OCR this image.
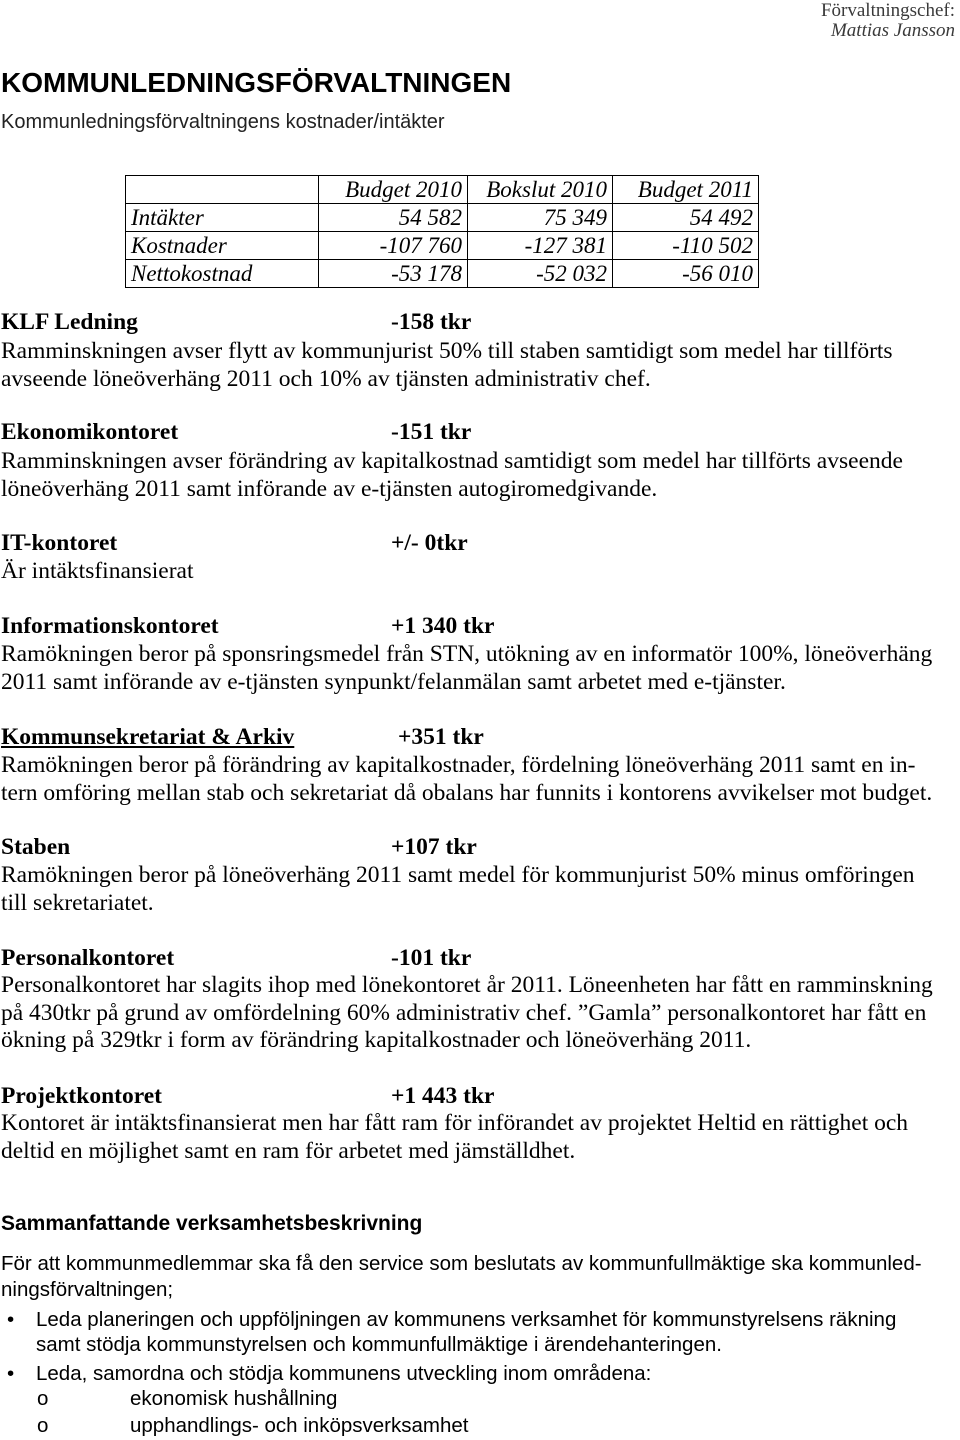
Förvaltningschef:
Mattias Jansson
KOMMUNLEDNINGSFÖRVALTNINGEN
Kommunledningsförvaltningens kostnader/intäkter
	Budget 2010	Bokslut 2010	Budget 2011
Intäkter	54 582	75 349	54 492
Kostnader	-107 760	-127 381	-110 502
Nettokostnad	-53 178	-52 032	-56 010
KLF Ledning	-158 tkr
Ramminskningen avser flytt av kommunjurist 50% till staben samtidigt som medel har tillförts
avseende löneöverhäng 2011 och 10% av tjänsten administrativ chef.
Ekonomikontoret	-151 tkr
Ramminskningen avser förändring av kapitalkostnad samtidigt som medel har tillförts avseende
löneöverhäng 2011 samt införande av e-tjänsten autogiromedgivande.
IT-kontoret	+/- 0tkr
Är intäktsfinansierat
Informationskontoret	+1 340 tkr
Ramökningen beror på sponsringsmedel från STN, utökning av en informatör 100%, löneöverhäng
2011 samt införande av e-tjänsten synpunkt/felanmälan samt arbetet med e-tjänster.
Kommunsekretariat & Arkiv	+351 tkr
Ramökningen beror på förändring av kapitalkostnader, fördelning löneöverhäng 2011 samt en in-
tern omföring mellan stab och sekretariat då obalans har funnits i kontorens avvikelser mot budget.
Staben	+107 tkr
Ramökningen beror på löneöverhäng 2011 samt medel för kommunjurist 50% minus omföringen
till sekretariatet.
Personalkontoret	-101 tkr
Personalkontoret har slagits ihop med lönekontoret år 2011. Löneenheten har fått en ramminskning
på 430tkr på grund av omfördelning 60% administrativ chef. ”Gamla” personalkontoret har fått en
ökning på 329tkr i form av förändring kapitalkostnader och löneöverhäng 2011.
Projektkontoret	+1 443 tkr
Kontoret är intäktsfinansierat men har fått ram för införandet av projektet Heltid en rättighet och
deltid en möjlighet samt en ram för arbetet med jämställdhet.
Sammanfattande verksamhetsbeskrivning
För att kommunmedlemmar ska få den service som beslutats av kommunfullmäktige ska kommunled-
ningsförvaltningen;
• Leda planeringen och uppföljningen av kommunens verksamhet för kommunstyrelsens räkning
samt stödja kommunstyrelsen och kommunfullmäktige i ärendehanteringen.
• Leda, samordna och stödja kommunens utveckling inom områdena:
o	ekonomisk hushållning
o	upphandlings- och inköpsverksamhet
